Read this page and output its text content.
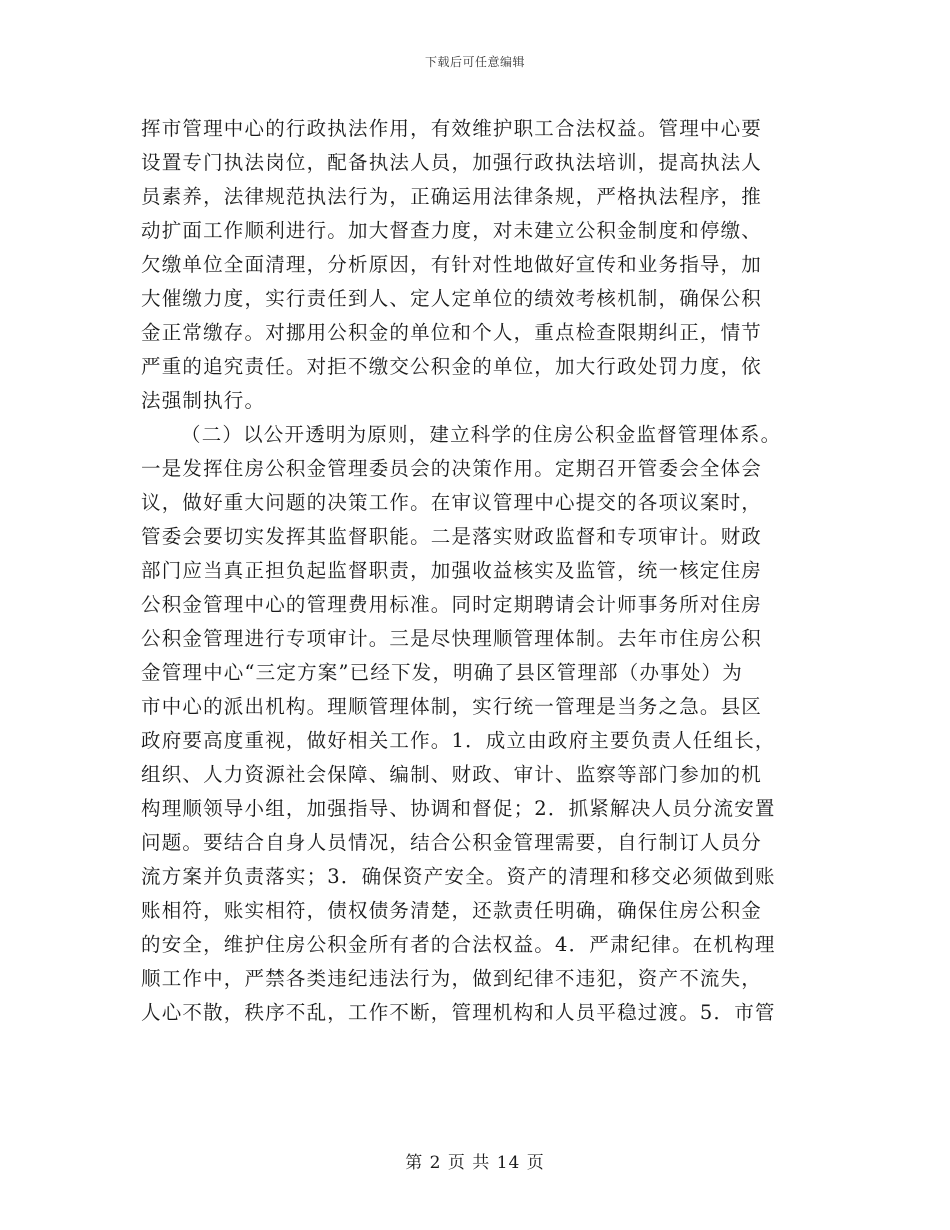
下载后可任意编辑
挥市管理中心的行政执法作用，有效维护职工合法权益。管理中心要
设置专门执法岗位，配备执法人员，加强行政执法培训，提高执法人
员素养，法律规范执法行为，正确运用法律条规，严格执法程序，推
动扩面工作顺利进行。加大督查力度，对未建立公积金制度和停缴、
欠缴单位全面清理，分析原因，有针对性地做好宣传和业务指导，加
大催缴力度，实行责任到人、定人定单位的绩效考核机制，确保公积
金正常缴存。对挪用公积金的单位和个人，重点检查限期纠正，情节
严重的追究责任。对拒不缴交公积金的单位，加大行政处罚力度，依
法强制执行。
（二）以公开透明为原则，建立科学的住房公积金监督管理体系。
一是发挥住房公积金管理委员会的决策作用。定期召开管委会全体会
议，做好重大问题的决策工作。在审议管理中心提交的各项议案时，
管委会要切实发挥其监督职能。二是落实财政监督和专项审计。财政
部门应当真正担负起监督职责，加强收益核实及监管，统一核定住房
公积金管理中心的管理费用标准。同时定期聘请会计师事务所对住房
公积金管理进行专项审计。三是尽快理顺管理体制。去年市住房公积
金管理中心“三定方案”已经下发，明确了县区管理部（办事处）为
市中心的派出机构。理顺管理体制，实行统一管理是当务之急。县区
政府要高度重视，做好相关工作。1．成立由政府主要负责人任组长，
组织、人力资源社会保障、编制、财政、审计、监察等部门参加的机
构理顺领导小组，加强指导、协调和督促；2．抓紧解决人员分流安置
问题。要结合自身人员情况，结合公积金管理需要，自行制订人员分
流方案并负责落实；3．确保资产安全。资产的清理和移交必须做到账
账相符，账实相符，债权债务清楚，还款责任明确，确保住房公积金
的安全，维护住房公积金所有者的合法权益。4．严肃纪律。在机构理
顺工作中，严禁各类违纪违法行为，做到纪律不违犯，资产不流失，
人心不散，秩序不乱，工作不断，管理机构和人员平稳过渡。5．市管
第 2 页 共 14 页
